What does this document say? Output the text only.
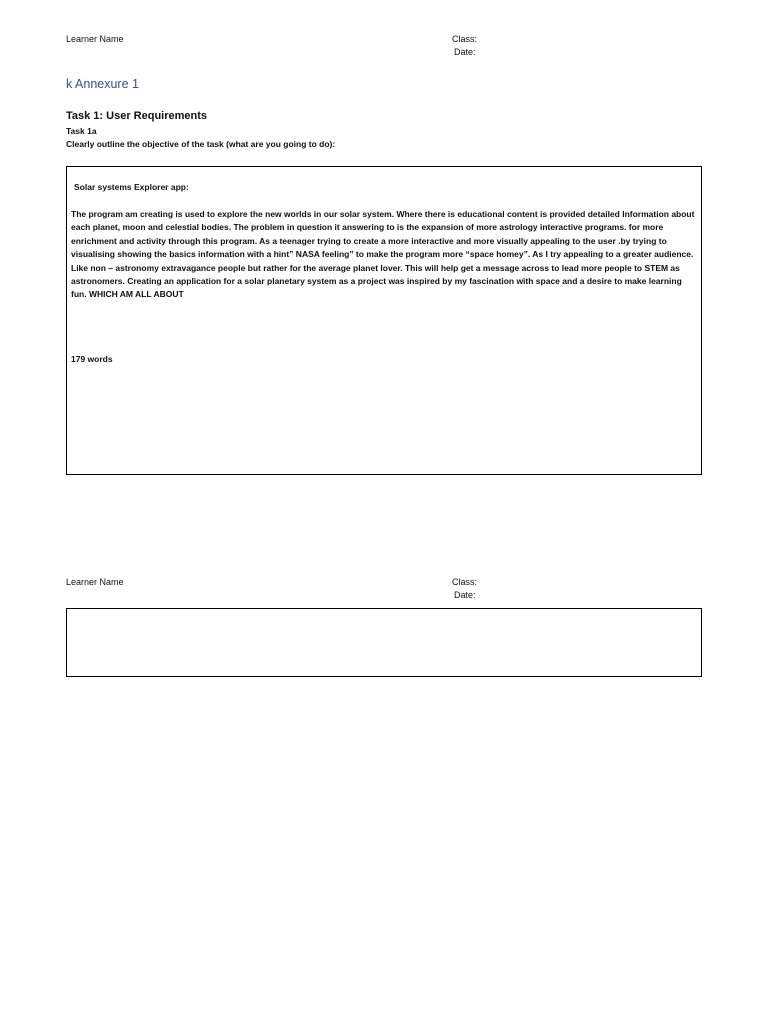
Learner Name	Class:
Date:
k Annexure 1
Task 1: User Requirements
Task 1a
Clearly outline the objective of the task (what are you going to do):
Solar systems Explorer app:

The program am creating is used to explore the new worlds in our solar system. Where there is educational content is provided detailed Information about each planet, moon and celestial bodies. The problem in question it answering to is the expansion of more astrology interactive programs. for more enrichment and activity through this program. As a teenager trying to create a more interactive and more visually appealing to the user .by trying to visualising showing the basics information with a hint” NASA feeling” to make the program more “space homey”. As I try appealing to a greater audience. Like non – astronomy extravagance people but rather for the average planet lover. This will help get a message across to lead more people to STEM as astronomers. Creating an application for a solar planetary system as a project was inspired by my fascination with space and a desire to make learning fun. WHICH AM ALL ABOUT

179 words
Learner Name	Class:
Date:
